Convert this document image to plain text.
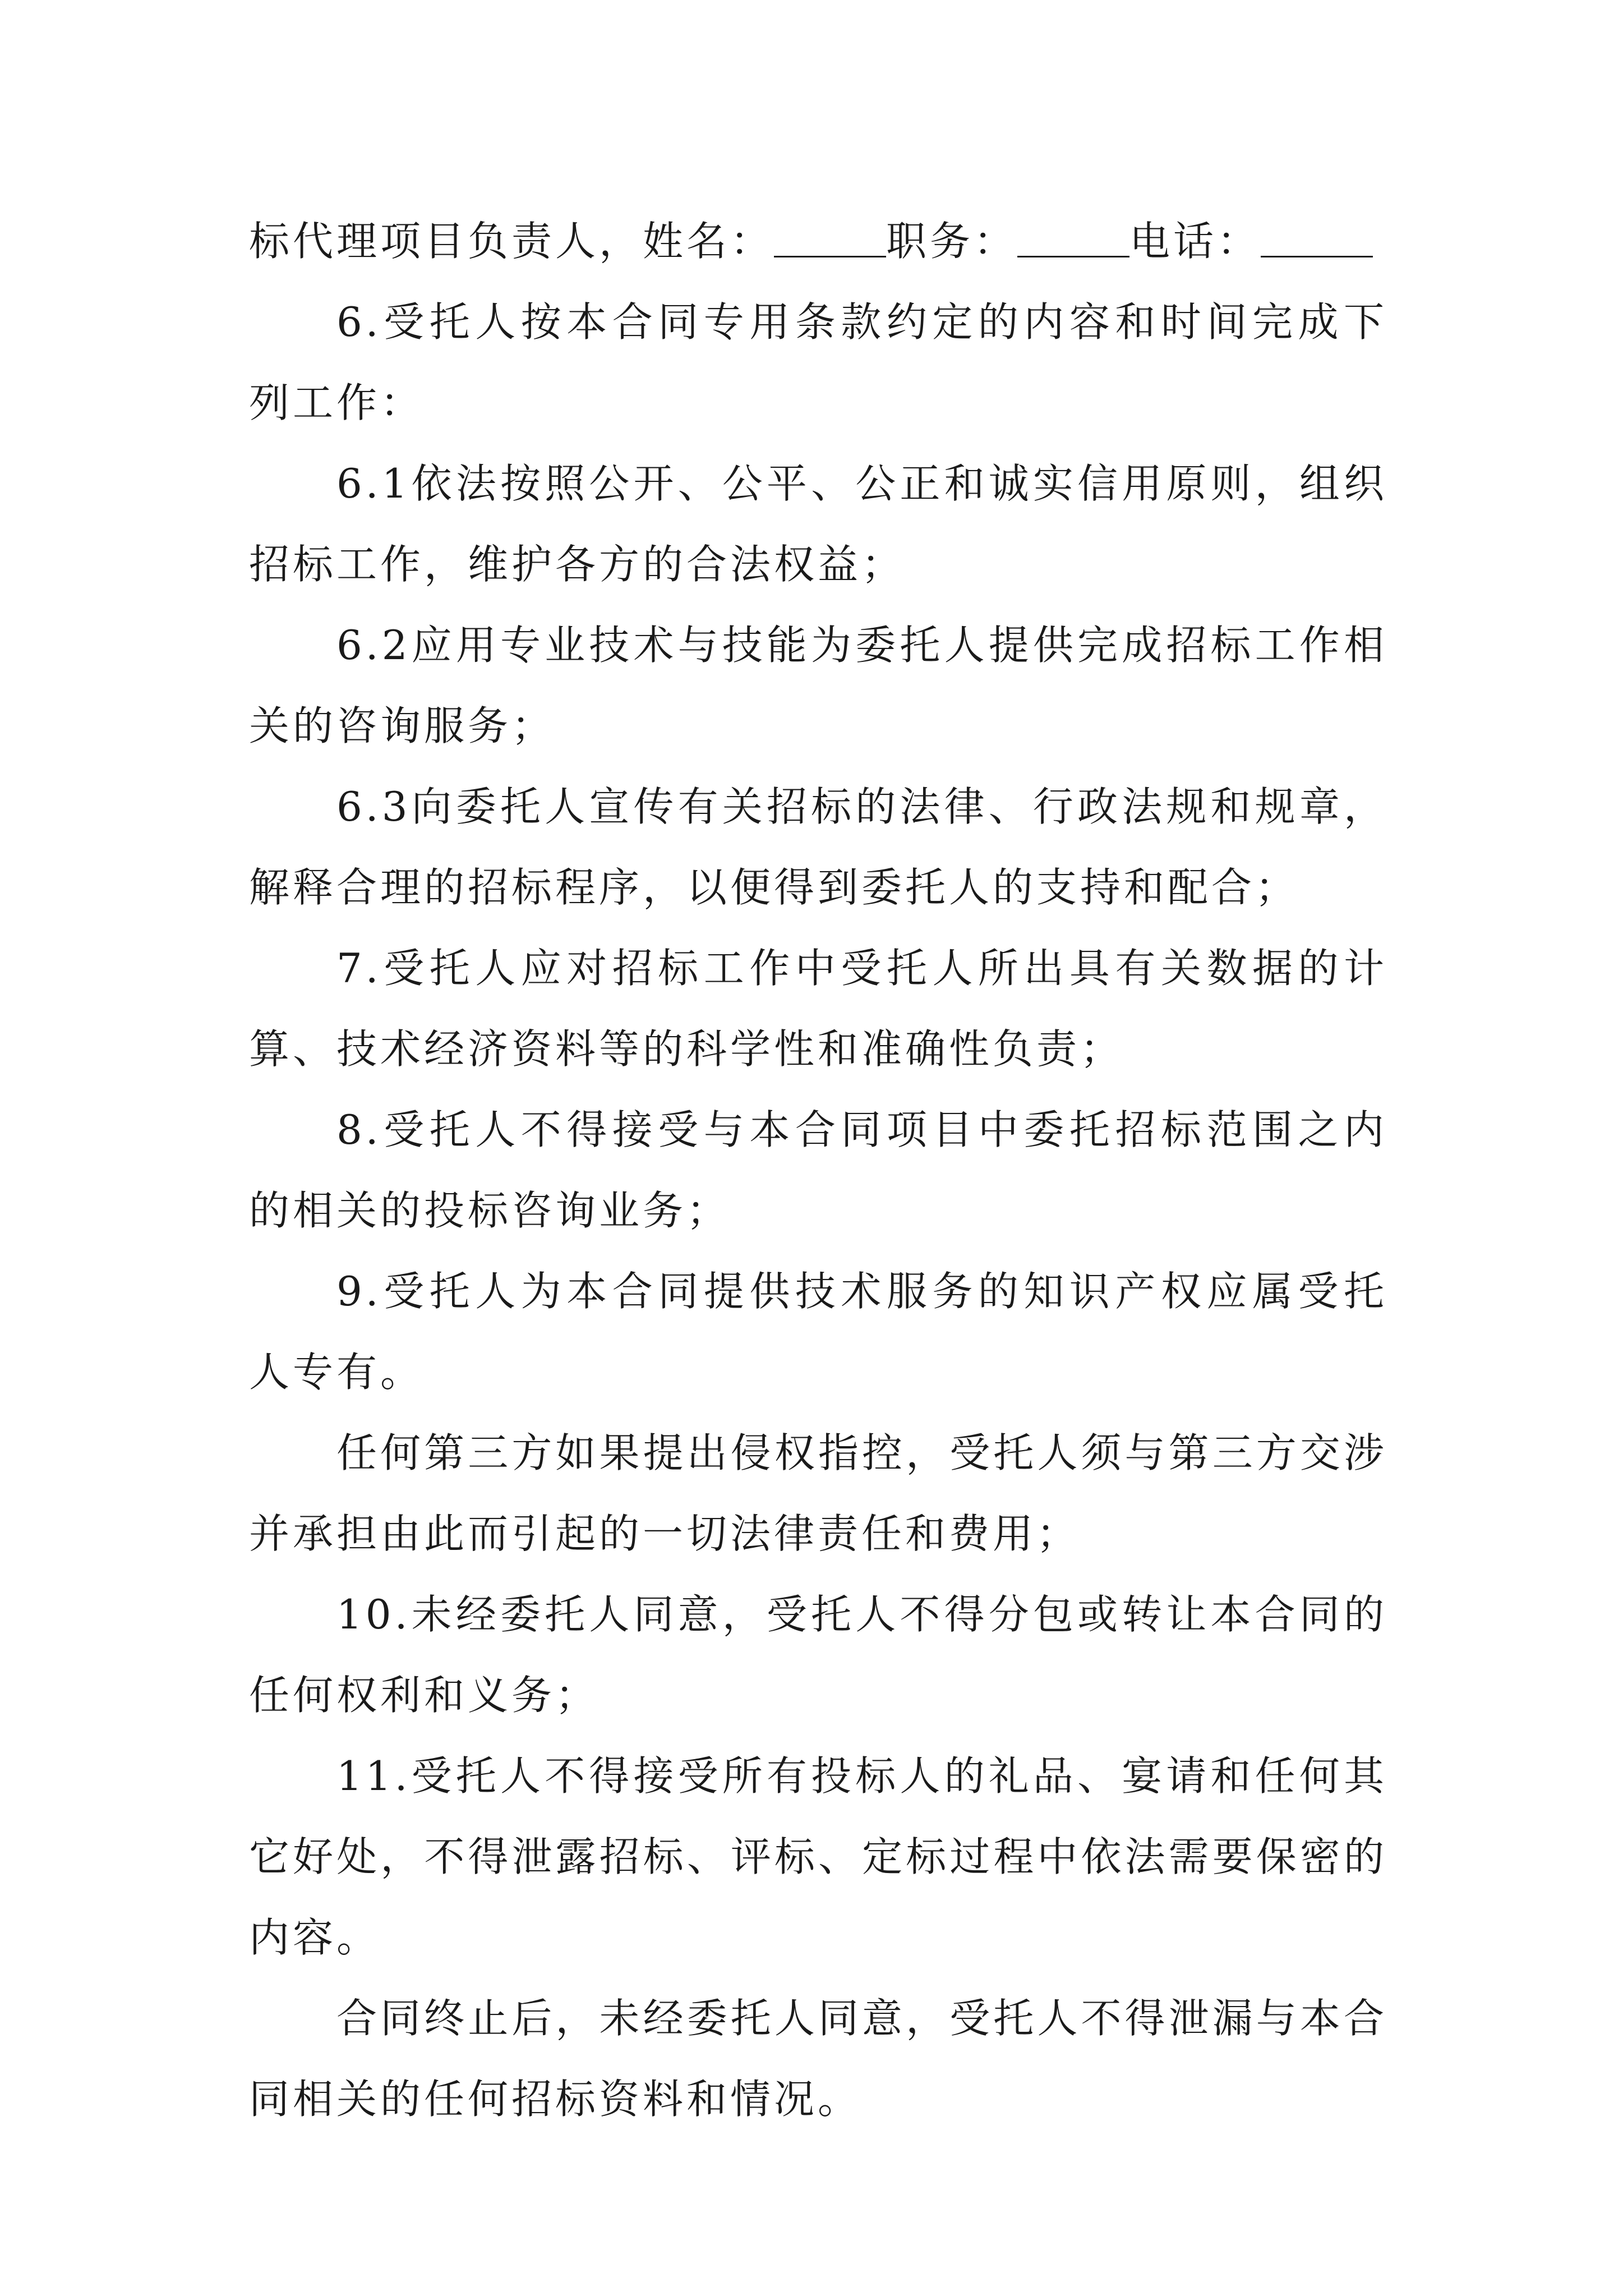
标代理项目负责人，姓名：	职务：	电话：

6.受托人按本合同专用条款约定的内容和时间完成下列工作：

6.1依法按照公开、公平、公正和诚实信用原则，组织招标工作，维护各方的合法权益；

6.2应用专业技术与技能为委托人提供完成招标工作相关的咨询服务；

6.3向委托人宣传有关招标的法律、行政法规和规章，解释合理的招标程序，以便得到委托人的支持和配合；

7.受托人应对招标工作中受托人所出具有关数据的计算、技术经济资料等的科学性和准确性负责；

8.受托人不得接受与本合同项目中委托招标范围之内的相关的投标咨询业务；

9.受托人为本合同提供技术服务的知识产权应属受托人专有。

任何第三方如果提出侵权指控，受托人须与第三方交涉并承担由此而引起的一切法律责任和费用；

10.未经委托人同意，受托人不得分包或转让本合同的任何权利和义务；

11.受托人不得接受所有投标人的礼品、宴请和任何其它好处，不得泄露招标、评标、定标过程中依法需要保密的内容。

合同终止后，未经委托人同意，受托人不得泄漏与本合同相关的任何招标资料和情况。
